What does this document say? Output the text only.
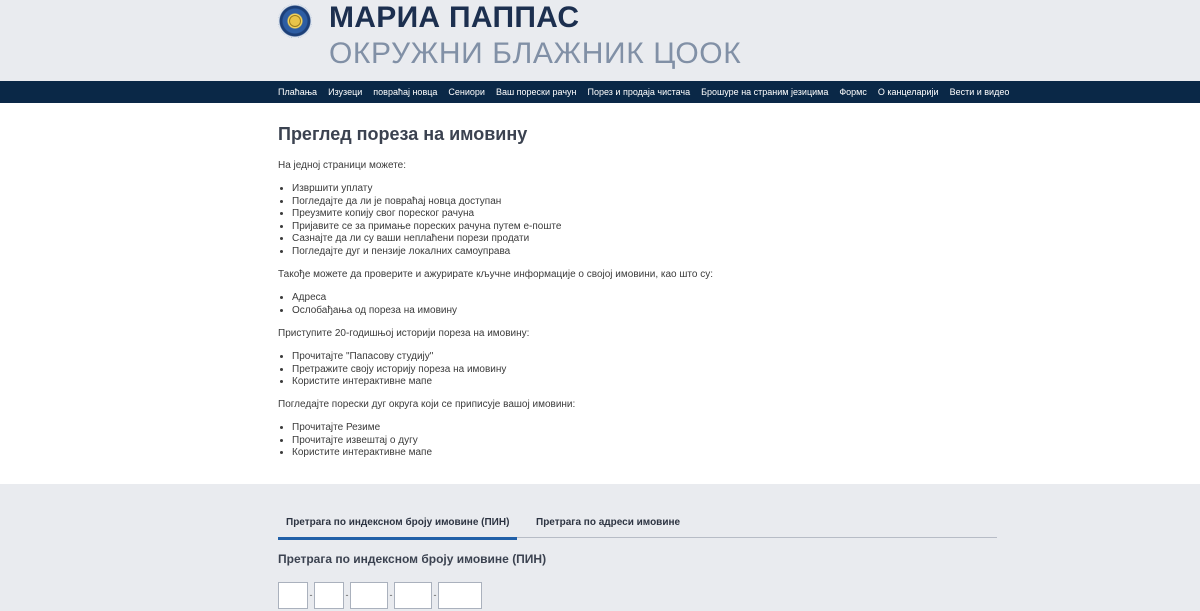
МАРИА ПАППАС
ОКРУЖНИ БЛАЖНИК ЦООК
Плаћања Изузеци повраћај новца Сениори Ваш порески рачун Порез и продаја чистача Брошуре на страним језицима Формс О канцеларији Вести и видео
Преглед пореза на имовину

На једној страници можете:

• Извршити уплату
• Погледајте да ли је повраћај новца доступан
• Преузмите копију свог пореског рачуна
• Пријавите се за примање пореских рачуна путем е-поште
• Сазнајте да ли су ваши неплаћени порези продати
• Погледајте дуг и пензије локалних самоуправа

Такође можете да проверите и ажурирате кључне информације о својој имовини, као што су:

• Адреса
• Ослобађања од пореза на имовину

Приступите 20-годишњој историји пореза на имовину:

• Прочитајте "Папасову студију"
• Претражите своју историју пореза на имовину
• Користите интерактивне мапе

Погледајте порески дуг округа који се приписује вашој имовини:

• Прочитајте Резиме
• Прочитајте извештај о дугу
• Користите интерактивне мапе
Претрага по индексном броју имовине (ПИН)	Претрага по адреси имовине
Претрага по индексном броју имовине (ПИН)
-	-	-	-
